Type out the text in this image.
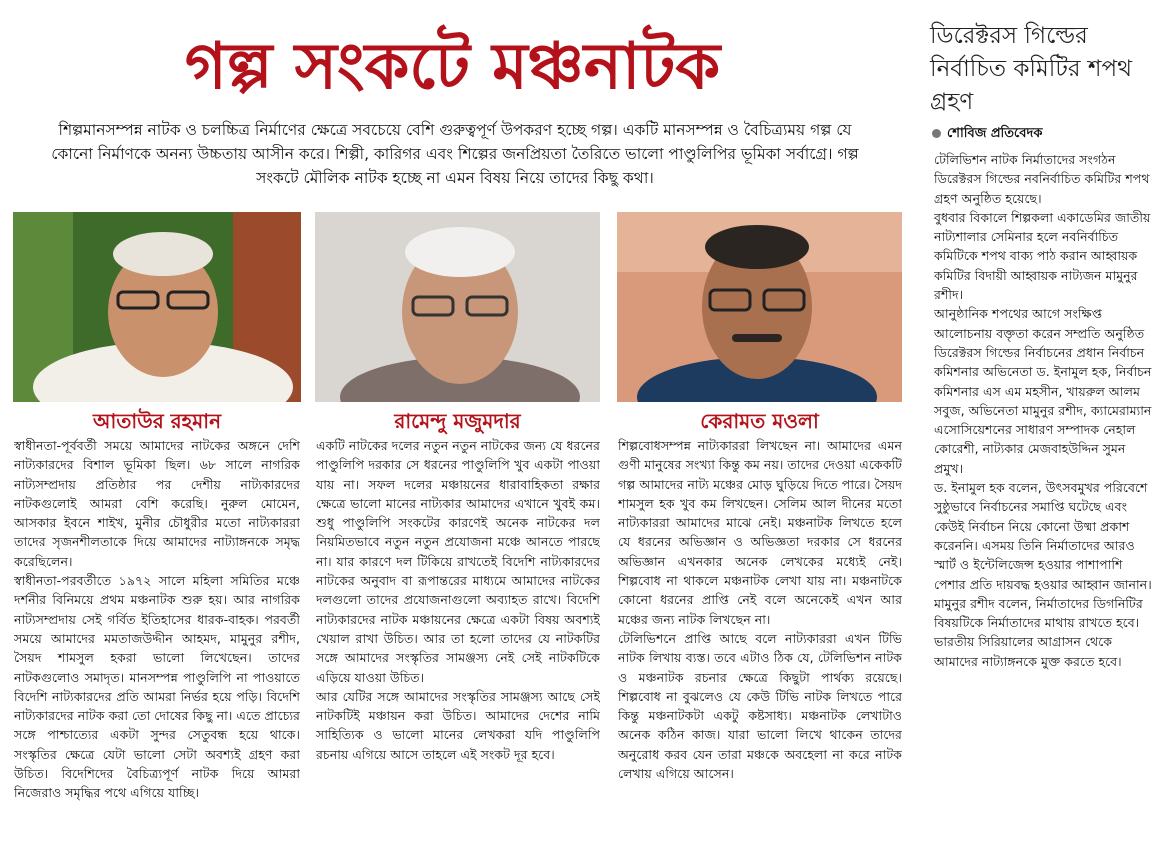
গল্প সংকটে মঞ্চনাটক
শিল্পমানসম্পন্ন নাটক ও চলচ্চিত্র নির্মাণের ক্ষেত্রে সবচেয়ে বেশি গুরুত্বপূর্ণ উপকরণ হচ্ছে গল্প। একটি মানসম্পন্ন ও বৈচিত্র্যময় গল্প যে কোনো নির্মাণকে অনন্য উচ্চতায় আসীন করে। শিল্পী, কারিগর এবং শিল্পের জনপ্রিয়তা তৈরিতে ভালো পাণ্ডুলিপির ভূমিকা সর্বাগ্রে। গল্প সংকটে মৌলিক নাটক হচ্ছে না এমন বিষয় নিয়ে তাদের কিছু কথা।
আতাউর রহমান	রামেন্দু মজুমদার	কেরামত মওলা

স্বাধীনতা-পূর্ববর্তী সময়ে আমাদের নাটকের অঙ্গনে দেশি নাট্যকারদের বিশাল ভূমিকা ছিল। ৬৮ সালে নাগরিক নাট্যসম্প্রদায় প্রতিষ্ঠার পর দেশীয় নাট্যকারদের নাটকগুলোই আমরা বেশি করেছি। নুরুল মোমেন, আসকার ইবনে শাইখ, মুনীর চৌধুরীর মতো নাট্যকাররা তাদের সৃজনশীলতাকে দিয়ে আমাদের নাট্যাঙ্গনকে সমৃদ্ধ করেছিলেন।

স্বাধীনতা-পরবর্তীতে ১৯৭২ সালে মহিলা সমিতির মঞ্চে দর্শনীর বিনিময়ে প্রথম মঞ্চনাটক শুরু হয়। আর নাগরিক নাট্যসম্প্রদায় সেই গর্বিত ইতিহাসের ধারক-বাহক। পরবর্তী সময়ে আমাদের মমতাজউদ্দীন আহমদ, মামুনুর রশীদ, সৈয়দ শামসুল হকরা ভালো লিখেছেন। তাদের নাটকগুলোও সমাদৃত। মানসম্পন্ন পাণ্ডুলিপি না পাওয়াতে বিদেশি নাট্যকারদের প্রতি আমরা নির্ভর হয়ে পড়ি। বিদেশি নাট্যকারদের নাটক করা তো দোষের কিছু না। এতে প্রাচ্যের সঙ্গে পাশ্চাত্যের একটা সুন্দর সেতুবন্ধ হয়ে থাকে। সংস্কৃতির ক্ষেত্রে যেটা ভালো সেটা অবশ্যই গ্রহণ করা উচিত। বিদেশিদের বৈচিত্র্যপূর্ণ নাটক দিয়ে আমরা নিজেরাও সমৃদ্ধির পথে এগিয়ে যাচ্ছি।

একটি নাটকের দলের নতুন নতুন নাটকের জন্য যে ধরনের পাণ্ডুলিপি দরকার সে ধরনের পাণ্ডুলিপি খুব একটা পাওয়া যায় না। সফল দলের মঞ্চায়নের ধারাবাহিকতা রক্ষার ক্ষেত্রে ভালো মানের নাট্যকার আমাদের এখানে খুবই কম। শুধু পাণ্ডুলিপি সংকটের কারণেই অনেক নাটকের দল নিয়মিতভাবে নতুন নতুন প্রযোজনা মঞ্চে আনতে পারছে না। যার কারণে দল টিকিয়ে রাখতেই বিদেশি নাট্যকারদের নাটকের অনুবাদ বা রূপান্তরের মাধ্যমে আমাদের নাটকের দলগুলো তাদের প্রযোজনাগুলো অব্যাহত রাখে। বিদেশি নাট্যকারদের নাটক মঞ্চায়নের ক্ষেত্রে একটা বিষয় অবশ্যই খেয়াল রাখা উচিত। আর তা হলো তাদের যে নাটকটির সঙ্গে আমাদের সংস্কৃতির সামঞ্জস্য নেই সেই নাটকটিকে এড়িয়ে যাওয়া উচিত।

আর যেটির সঙ্গে আমাদের সংস্কৃতির সামঞ্জস্য আছে সেই নাটকটিই মঞ্চায়ন করা উচিত। আমাদের দেশের নামি সাহিত্যিক ও ভালো মানের লেখকরা যদি পাণ্ডুলিপি রচনায় এগিয়ে আসে তাহলে এই সংকট দূর হবে।

শিল্পবোধসম্পন্ন নাট্যকাররা লিখছেন না। আমাদের এমন গুণী মানুষের সংখ্যা কিন্তু কম নয়। তাদের দেওয়া একেকটি গল্প আমাদের নাট্য মঞ্চের মোড় ঘুড়িয়ে দিতে পারে। সৈয়দ শামসুল হক খুব কম লিখছেন। সেলিম আল দীনের মতো নাট্যকাররা আমাদের মাঝে নেই। মঞ্চনাটক লিখতে হলে যে ধরনের অভিজ্ঞান ও অভিজ্ঞতা দরকার সে ধরনের অভিজ্ঞান এখনকার অনেক লেখকের মধ্যেই নেই। শিল্পবোধ না থাকলে মঞ্চনাটক লেখা যায় না। মঞ্চনাটকে কোনো ধরনের প্রাপ্তি নেই বলে অনেকেই এখন আর মঞ্চের জন্য নাটক লিখছেন না।

টেলিভিশনে প্রাপ্তি আছে বলে নাট্যকাররা এখন টিভি নাটক লিখায় ব্যস্ত। তবে এটাও ঠিক যে, টেলিভিশন নাটক ও মঞ্চনাটক রচনার ক্ষেত্রে কিছুটা পার্থক্য রয়েছে। শিল্পবোধ না বুঝলেও যে কেউ টিভি নাটক লিখতে পারে কিন্তু মঞ্চনাটকটা একটু কষ্টসাধ্য। মঞ্চনাটক লেখাটাও অনেক কঠিন কাজ। যারা ভালো লিখে থাকেন তাদের অনুরোধ করব যেন তারা মঞ্চকে অবহেলা না করে নাটক লেখায় এগিয়ে আসেন।

ডিরেক্টরস গিল্ডের নির্বাচিত কমিটির শপথ গ্রহণ
শোবিজ প্রতিবেদক

টেলিভিশন নাটক নির্মাতাদের সংগঠন ডিরেক্টরস গিল্ডের নবনির্বাচিত কমিটির শপথ গ্রহণ অনুষ্ঠিত হয়েছে।

বুধবার বিকালে শিল্পকলা একাডেমির জাতীয় নাট্যশালার সেমিনার হলে নবনির্বাচিত কমিটিকে শপথ বাক্য পাঠ করান আহ্বায়ক কমিটির বিদায়ী আহ্বায়ক নাট্যজন মামুনুর রশীদ।

আনুষ্ঠানিক শপথের আগে সংক্ষিপ্ত আলোচনায় বক্তৃতা করেন সম্প্রতি অনুষ্ঠিত ডিরেক্টরস গিল্ডের নির্বাচনের প্রধান নির্বাচন কমিশনার অভিনেতা ড. ইনামুল হক, নির্বাচন কমিশনার এস এম মহসীন, খায়রুল আলম সবুজ, অভিনেতা মামুনুর রশীদ, ক্যামেরাম্যান এসোসিয়েশনের সাধারণ সম্পাদক নেহাল কোরেশী, নাট্যকার মেজবাহউদ্দিন সুমন প্রমুখ।

ড. ইনামুল হক বলেন, উৎসবমুখর পরিবেশে সুষ্ঠুভাবে নির্বাচনের সমাপ্তি ঘটেছে এবং কেউই নির্বাচন নিয়ে কোনো উষ্মা প্রকাশ করেননি। এসময় তিনি নির্মাতাদের আরও স্মার্ট ও ইন্টেলিজেন্স হওয়ার পাশাপাশি পেশার প্রতি দায়বদ্ধ হওয়ার আহ্বান জানান।

মামুনুর রশীদ বলেন, নির্মাতাদের ডিগনিটির বিষয়টিকে নির্মাতাদের মাথায় রাখতে হবে। ভারতীয় সিরিয়ালের আগ্রাসন থেকে আমাদের নাট্যাঙ্গনকে মুক্ত করতে হবে।
